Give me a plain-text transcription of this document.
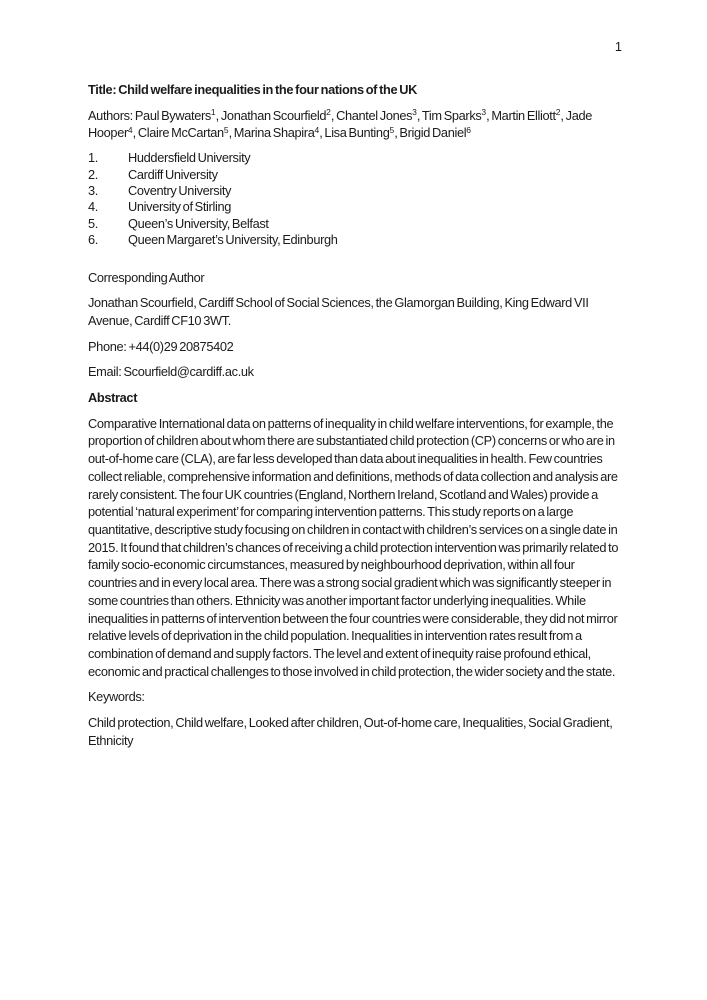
1

Title: Child welfare inequalities in the four nations of the UK

Authors: Paul Bywaters$^1$, Jonathan Scourfield$^2$, Chantel Jones$^3$, Tim Sparks$^3$, Martin Elliott$^2$, Jade Hooper$^4$, Claire McCartan$^5$, Marina Shapira$^4$, Lisa Bunting$^5$, Brigid Daniel$^6$

1.	Huddersfield University
2.	Cardiff University
3.	Coventry University
4.	University of Stirling
5.	Queen’s University, Belfast
6.	Queen Margaret’s University, Edinburgh

Corresponding Author

Jonathan Scourfield, Cardiff School of Social Sciences, the Glamorgan Building, King Edward VII Avenue, Cardiff CF10 3WT.

Phone: +44(0)29 20875402

Email: Scourfield@cardiff.ac.uk

Abstract

Comparative International data on patterns of inequality in child welfare interventions, for example, the proportion of children about whom there are substantiated child protection (CP) concerns or who are in out-of-home care (CLA), are far less developed than data about inequalities in health. Few countries collect reliable, comprehensive information and definitions, methods of data collection and analysis are rarely consistent. The four UK countries (England, Northern Ireland, Scotland and Wales) provide a potential ‘natural experiment’ for comparing intervention patterns. This study reports on a large quantitative, descriptive study focusing on children in contact with children’s services on a single date in 2015. It found that children’s chances of receiving a child protection intervention was primarily related to family socio-economic circumstances, measured by neighbourhood deprivation, within all four countries and in every local area. There was a strong social gradient which was significantly steeper in some countries than others. Ethnicity was another important factor underlying inequalities. While inequalities in patterns of intervention between the four countries were considerable, they did not mirror relative levels of deprivation in the child population. Inequalities in intervention rates result from a combination of demand and supply factors. The level and extent of inequity raise profound ethical, economic and practical challenges to those involved in child protection, the wider society and the state.

Keywords:

Child protection, Child welfare, Looked after children, Out-of-home care, Inequalities, Social Gradient, Ethnicity
